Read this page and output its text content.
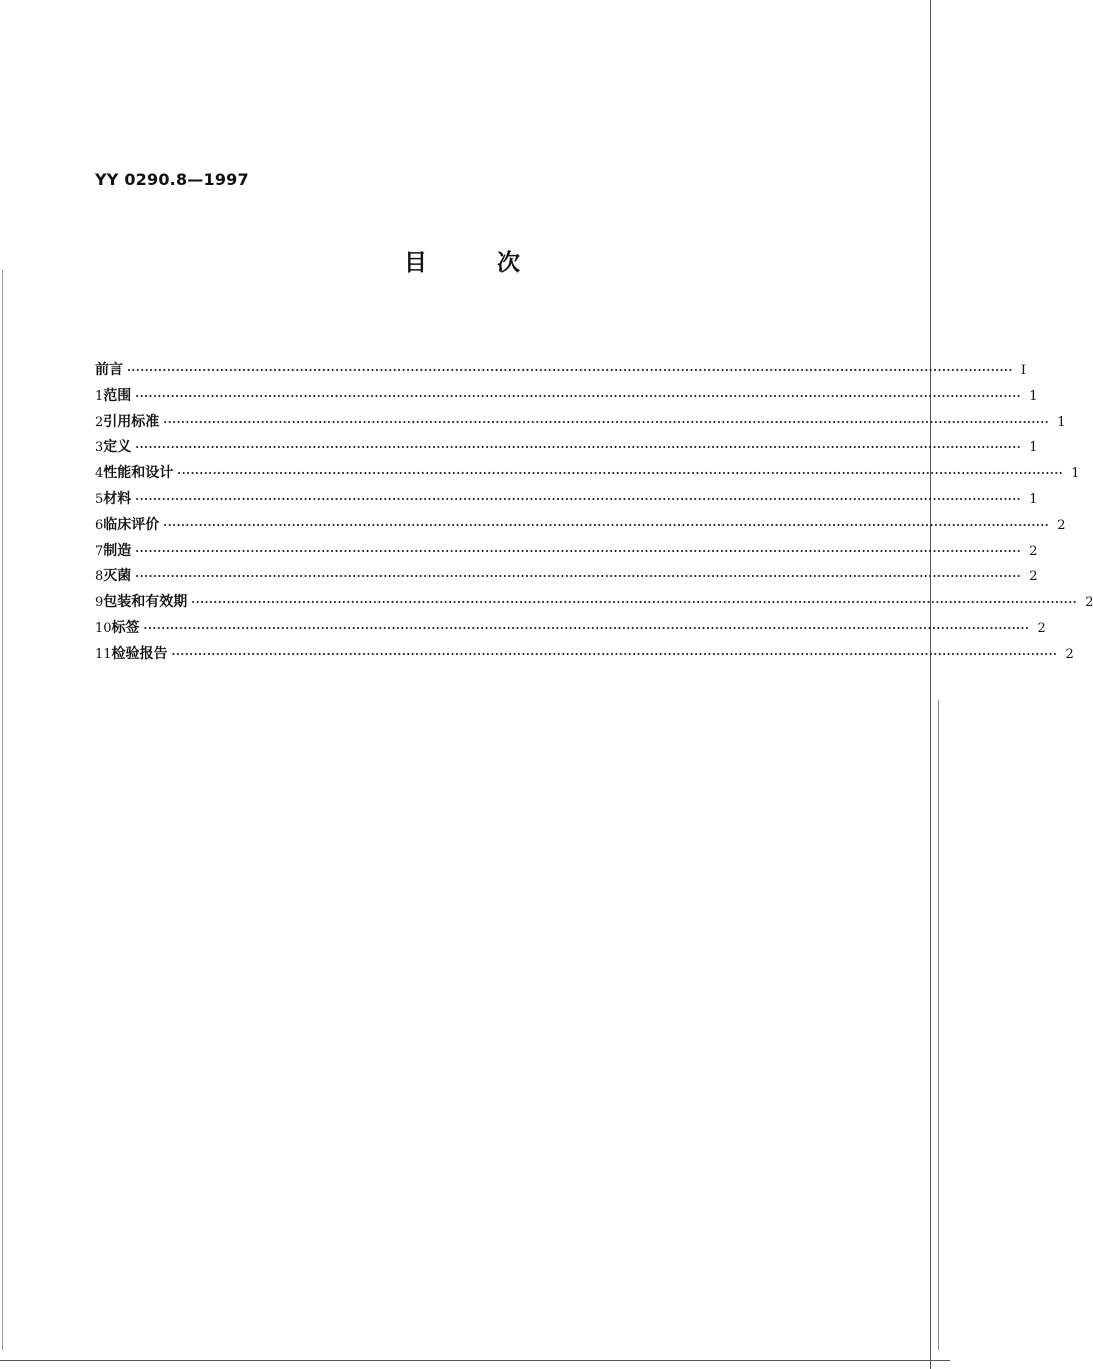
YY 0290.8—1997
目次
前言 ········································································································································································································ I
1 范围 ········································································································································································································ 1
2 引用标准 ········································································································································································································ 1
3 定义 ········································································································································································································ 1
4 性能和设计 ········································································································································································································ 1
5 材料 ········································································································································································································ 1
6 临床评价 ········································································································································································································ 2
7 制造 ········································································································································································································ 2
8 灭菌 ········································································································································································································ 2
9 包装和有效期 ········································································································································································································ 2
10 标签 ········································································································································································································ 2
11 检验报告 ········································································································································································································ 2
